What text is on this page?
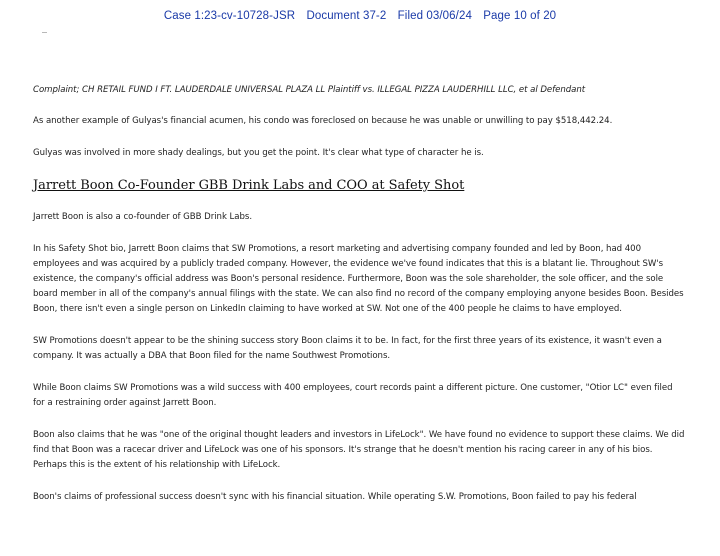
Case 1:23-cv-10728-JSR Document 37-2 Filed 03/06/24 Page 10 of 20

Complaint; CH RETAIL FUND I FT. LAUDERDALE UNIVERSAL PLAZA LL Plaintiff vs. ILLEGAL PIZZA LAUDERHILL LLC, et al Defendant

As another example of Gulyas's financial acumen, his condo was foreclosed on because he was unable or unwilling to pay $518,442.24.

Gulyas was involved in more shady dealings, but you get the point. It's clear what type of character he is.

Jarrett Boon Co-Founder GBB Drink Labs and COO at Safety Shot

Jarrett Boon is also a co-founder of GBB Drink Labs.

In his Safety Shot bio, Jarrett Boon claims that SW Promotions, a resort marketing and advertising company founded and led by Boon, had 400 employees and was acquired by a publicly traded company. However, the evidence we've found indicates that this is a blatant lie. Throughout SW's existence, the company's official address was Boon's personal residence. Furthermore, Boon was the sole shareholder, the sole officer, and the sole board member in all of the company's annual filings with the state. We can also find no record of the company employing anyone besides Boon. Besides Boon, there isn't even a single person on LinkedIn claiming to have worked at SW. Not one of the 400 people he claims to have employed.

SW Promotions doesn't appear to be the shining success story Boon claims it to be. In fact, for the first three years of its existence, it wasn't even a company. It was actually a DBA that Boon filed for the name Southwest Promotions.

While Boon claims SW Promotions was a wild success with 400 employees, court records paint a different picture. One customer, "Otior LC" even filed for a restraining order against Jarrett Boon.

Boon also claims that he was "one of the original thought leaders and investors in LifeLock". We have found no evidence to support these claims. We did find that Boon was a racecar driver and LifeLock was one of his sponsors. It's strange that he doesn't mention his racing career in any of his bios. Perhaps this is the extent of his relationship with LifeLock.

Boon's claims of professional success doesn't sync with his financial situation. While operating S.W. Promotions, Boon failed to pay his federal
